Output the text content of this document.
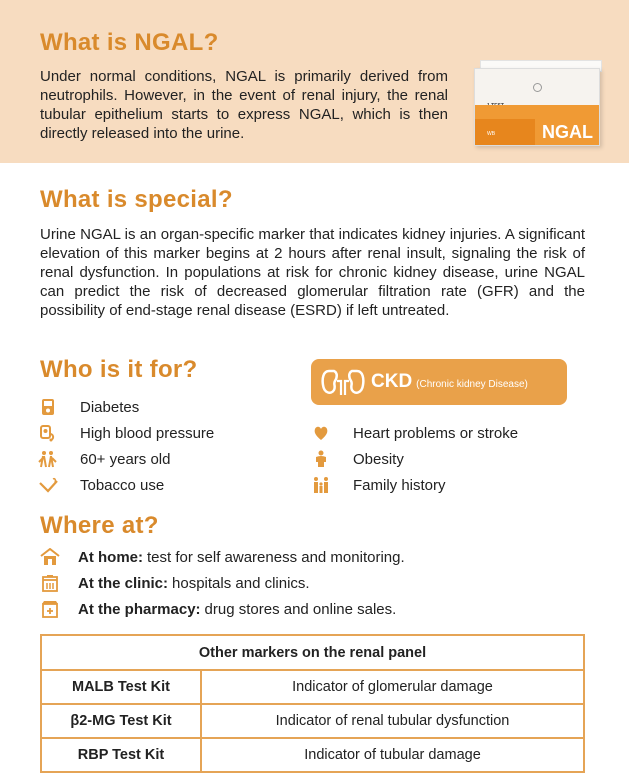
What is NGAL?

Under normal conditions, NGAL is primarily derived from neutrophils. However, in the event of renal injury, the renal tubular epithelium starts to express NGAL, which is then directly released into the urine.	WB	NGAL
What is special?

Urine NGAL is an organ-specific marker that indicates kidney injuries. A significant elevation of this marker begins at 2 hours after renal insult, signaling the risk of renal dysfunction. In populations at risk for chronic kidney disease, urine NGAL can predict the risk of decreased glomerular filtration rate (GFR) and the possibility of end-stage renal disease (ESRD) if left untreated.

Who is it for?	CKD (Chronic kidney Disease)
Diabetes
High blood pressure
60+ years old
Tobacco use
Heart problems or stroke
Obesity
Family history
Where at?
At home: test for self awareness and monitoring.
At the clinic: hospitals and clinics.
At the pharmacy: drug stores and online sales.
Other markers on the renal panel	
MALB Test Kit	Indicator of glomerular damage
β2-MG Test Kit	Indicator of renal tubular dysfunction
RBP Test Kit	Indicator of tubular damage
